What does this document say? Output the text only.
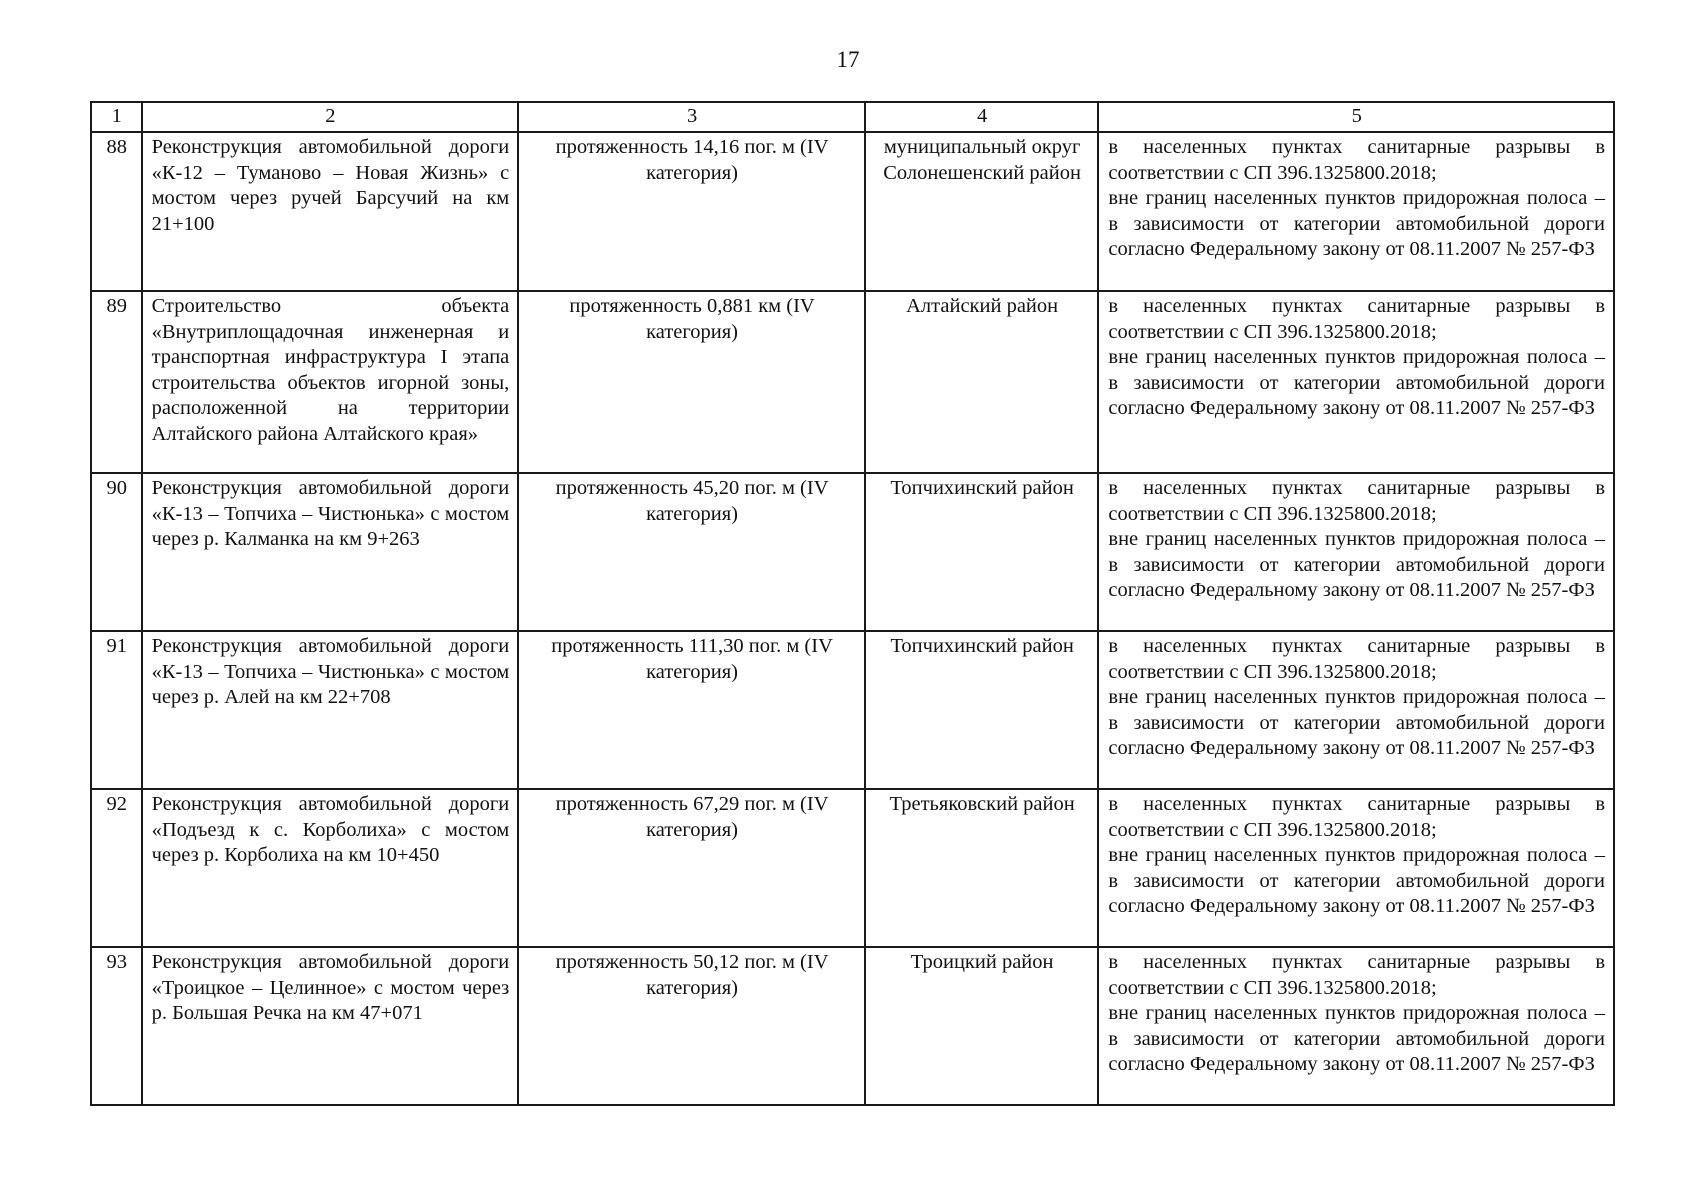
17
1	2	3	4	5
88	Реконструкция автомобильной дороги «К-12 – Туманово – Новая Жизнь» с мостом через ручей Барсучий на км 21+100	протяженность 14,16 пог. м (IV категория)	муниципальный округ Солонешенский район	в населенных пунктах санитарные разрывы в соответствии с СП 396.1325800.2018;
вне границ населенных пунктов придорожная полоса – в зависимости от категории автомобильной дороги согласно Федеральному закону от 08.11.2007 № 257-ФЗ

89	Строительство объекта «Внутриплощадочная инженерная и транспортная инфраструктура I этапа строительства объектов игорной зоны, расположенной на территории Алтайского района Алтайского края»	протяженность 0,881 км (IV категория)	Алтайский район	в населенных пунктах санитарные разрывы в соответствии с СП 396.1325800.2018;
вне границ населенных пунктов придорожная полоса – в зависимости от категории автомобильной дороги согласно Федеральному закону от 08.11.2007 № 257-ФЗ

90	Реконструкция автомобильной дороги «К-13 – Топчиха – Чистюнька» с мостом через р. Калманка на км 9+263	протяженность 45,20 пог. м (IV категория)	Топчихинский район	в населенных пунктах санитарные разрывы в соответствии с СП 396.1325800.2018;
вне границ населенных пунктов придорожная полоса – в зависимости от категории автомобильной дороги согласно Федеральному закону от 08.11.2007 № 257-ФЗ

91	Реконструкция автомобильной дороги «К-13 – Топчиха – Чистюнька» с мостом через р. Алей на км 22+708	протяженность 111,30 пог. м (IV категория)	Топчихинский район	в населенных пунктах санитарные разрывы в соответствии с СП 396.1325800.2018;
вне границ населенных пунктов придорожная полоса – в зависимости от категории автомобильной дороги согласно Федеральному закону от 08.11.2007 № 257-ФЗ

92	Реконструкция автомобильной дороги «Подъезд к с. Корболиха» с мостом через р. Корболиха на км 10+450	протяженность 67,29 пог. м (IV категория)	Третьяковский район	в населенных пунктах санитарные разрывы в соответствии с СП 396.1325800.2018;
вне границ населенных пунктов придорожная полоса – в зависимости от категории автомобильной дороги согласно Федеральному закону от 08.11.2007 № 257-ФЗ

93	Реконструкция автомобильной дороги «Троицкое – Целинное» с мостом через р. Большая Речка на км 47+071	протяженность 50,12 пог. м (IV категория)	Троицкий район	в населенных пунктах санитарные разрывы в соответствии с СП 396.1325800.2018;
вне границ населенных пунктов придорожная полоса – в зависимости от категории автомобильной дороги согласно Федеральному закону от 08.11.2007 № 257-ФЗ
